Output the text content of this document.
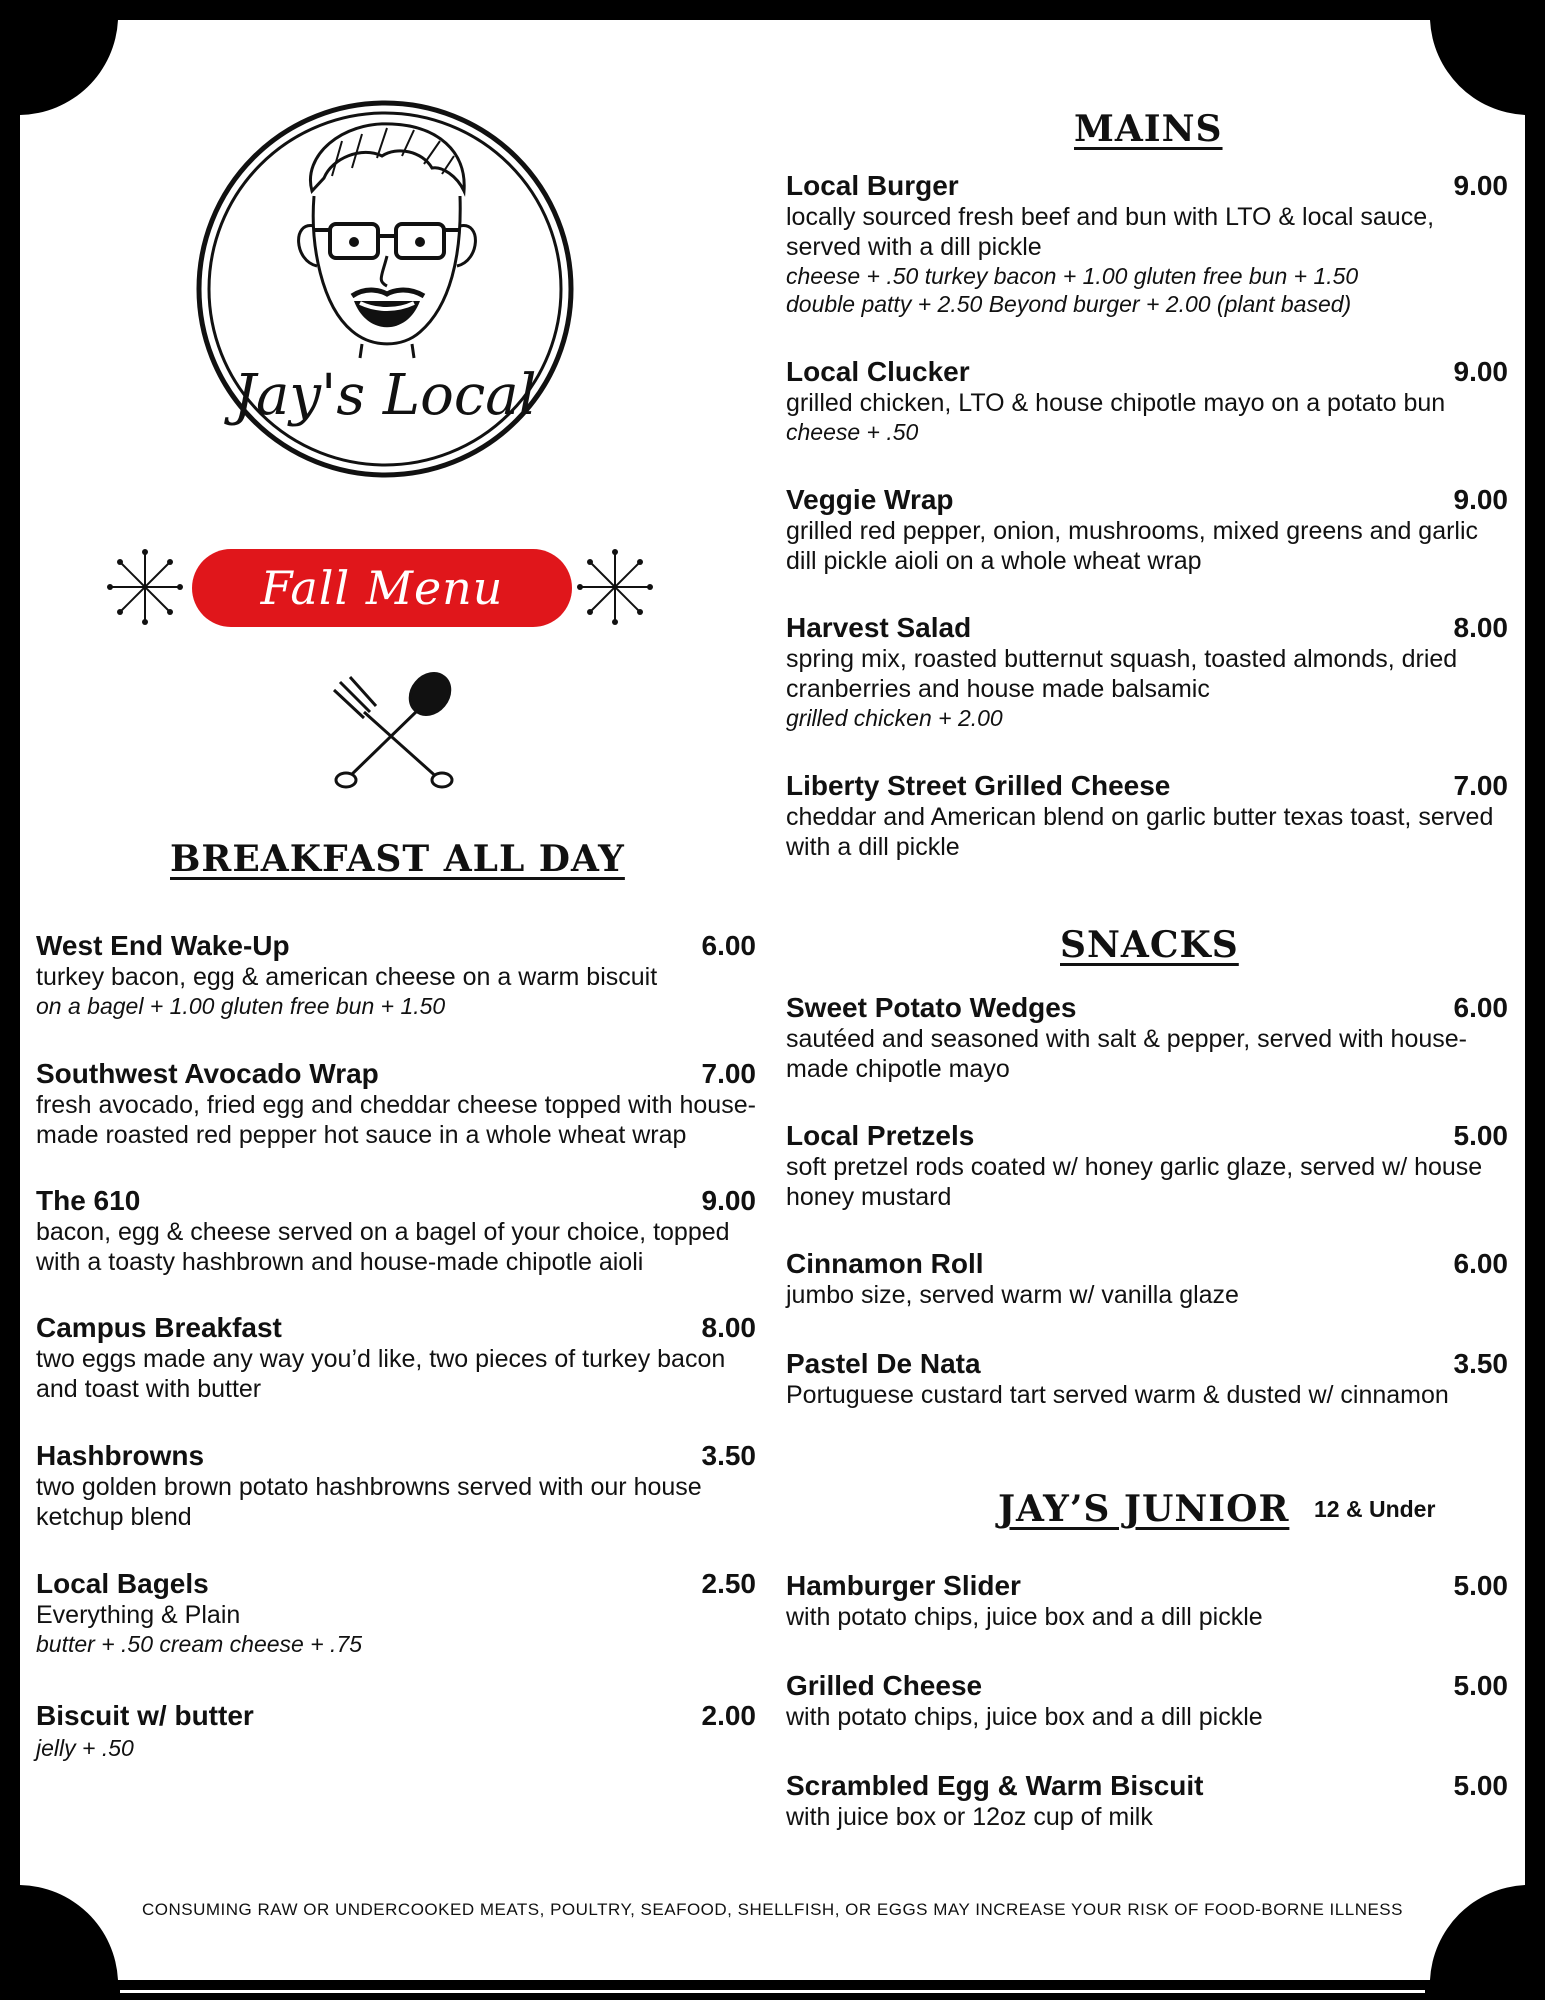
Jay's Local
Fall Menu
BREAKFAST ALL DAY
MAINS
SNACKS
JAY’S JUNIOR 12 & Under
West End Wake-Up	6.00
turkey bacon, egg & american cheese on a warm biscuit
on a bagel + 1.00 gluten free bun + 1.50
Southwest Avocado Wrap	7.00
fresh avocado, fried egg and cheddar cheese topped with house-made roasted red pepper hot sauce in a whole wheat wrap
The 610	9.00
bacon, egg & cheese served on a bagel of your choice, topped with a toasty hashbrown and house-made chipotle aioli
Campus Breakfast	8.00
two eggs made any way you’d like, two pieces of turkey bacon and toast with butter
Hashbrowns	3.50
two golden brown potato hashbrowns served with our house ketchup blend
Local Bagels	2.50
Everything & Plain
butter + .50 cream cheese + .75
Biscuit w/ butter	2.00
jelly + .50
Local Burger	9.00
locally sourced fresh beef and bun with LTO & local sauce, served with a dill pickle
cheese + .50 turkey bacon + 1.00 gluten free bun + 1.50
double patty + 2.50 Beyond burger + 2.00 (plant based)
Local Clucker	9.00
grilled chicken, LTO & house chipotle mayo on a potato bun
cheese + .50
Veggie Wrap	9.00
grilled red pepper, onion, mushrooms, mixed greens and garlic dill pickle aioli on a whole wheat wrap
Harvest Salad	8.00
spring mix, roasted butternut squash, toasted almonds, dried cranberries and house made balsamic
grilled chicken + 2.00
Liberty Street Grilled Cheese	7.00
cheddar and American blend on garlic butter texas toast, served with a dill pickle
Sweet Potato Wedges	6.00
sautéed and seasoned with salt & pepper, served with house-made chipotle mayo
Local Pretzels	5.00
soft pretzel rods coated w/ honey garlic glaze, served w/ house honey mustard
Cinnamon Roll	6.00
jumbo size, served warm w/ vanilla glaze
Pastel De Nata	3.50
Portuguese custard tart served warm & dusted w/ cinnamon
Hamburger Slider	5.00
with potato chips, juice box and a dill pickle
Grilled Cheese	5.00
with potato chips, juice box and a dill pickle
Scrambled Egg & Warm Biscuit	5.00
with juice box or 12oz cup of milk
CONSUMING RAW OR UNDERCOOKED MEATS, POULTRY, SEAFOOD, SHELLFISH, OR EGGS MAY INCREASE YOUR RISK OF FOOD-BORNE ILLNESS
